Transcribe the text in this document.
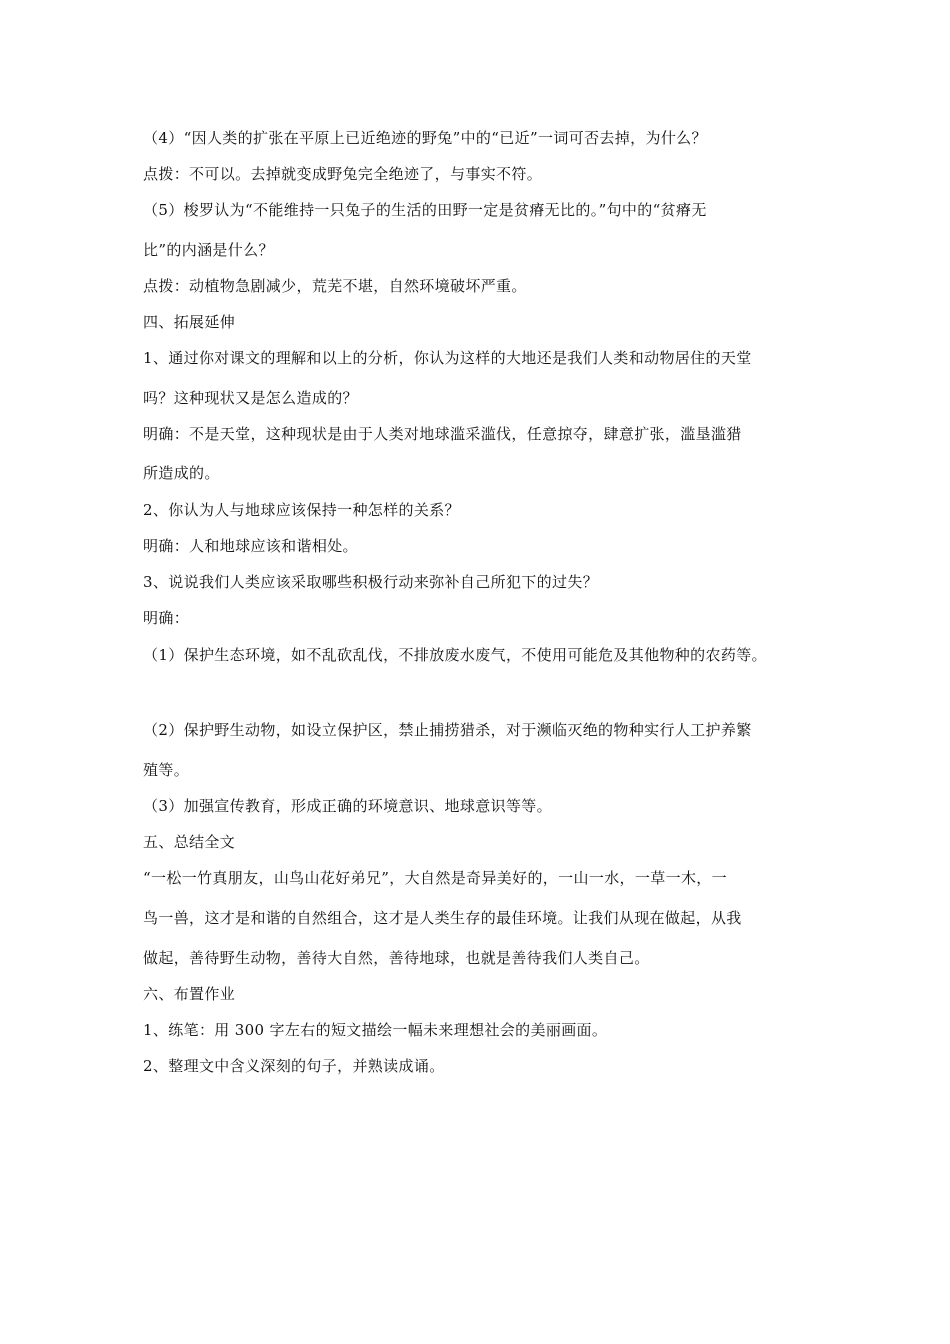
（4）“因人类的扩张在平原上已近绝迹的野兔”中的“已近”一词可否去掉，为什么？
点拨：不可以。去掉就变成野兔完全绝迹了，与事实不符。
（5）梭罗认为“不能维持一只兔子的生活的田野一定是贫瘠无比的。”句中的“贫瘠无
比”的内涵是什么？
点拨：动植物急剧减少，荒芜不堪，自然环境破坏严重。
四、拓展延伸
1、通过你对课文的理解和以上的分析，你认为这样的大地还是我们人类和动物居住的天堂
吗？这种现状又是怎么造成的？
明确：不是天堂，这种现状是由于人类对地球滥采滥伐，任意掠夺，肆意扩张，滥垦滥猎
所造成的。
2、你认为人与地球应该保持一种怎样的关系？
明确：人和地球应该和谐相处。
3、说说我们人类应该采取哪些积极行动来弥补自己所犯下的过失？
明确：
（1）保护生态环境，如不乱砍乱伐，不排放废水废气，不使用可能危及其他物种的农药等。
（2）保护野生动物，如设立保护区，禁止捕捞猎杀，对于濒临灭绝的物种实行人工护养繁
殖等。
（3）加强宣传教育，形成正确的环境意识、地球意识等等。
五、总结全文
“一松一竹真朋友，山鸟山花好弟兄”，大自然是奇异美好的，一山一水，一草一木，一
鸟一兽，这才是和谐的自然组合，这才是人类生存的最佳环境。让我们从现在做起，从我
做起，善待野生动物，善待大自然，善待地球，也就是善待我们人类自己。
六、布置作业
1、练笔：用 300 字左右的短文描绘一幅未来理想社会的美丽画面。
2、整理文中含义深刻的句子，并熟读成诵。
